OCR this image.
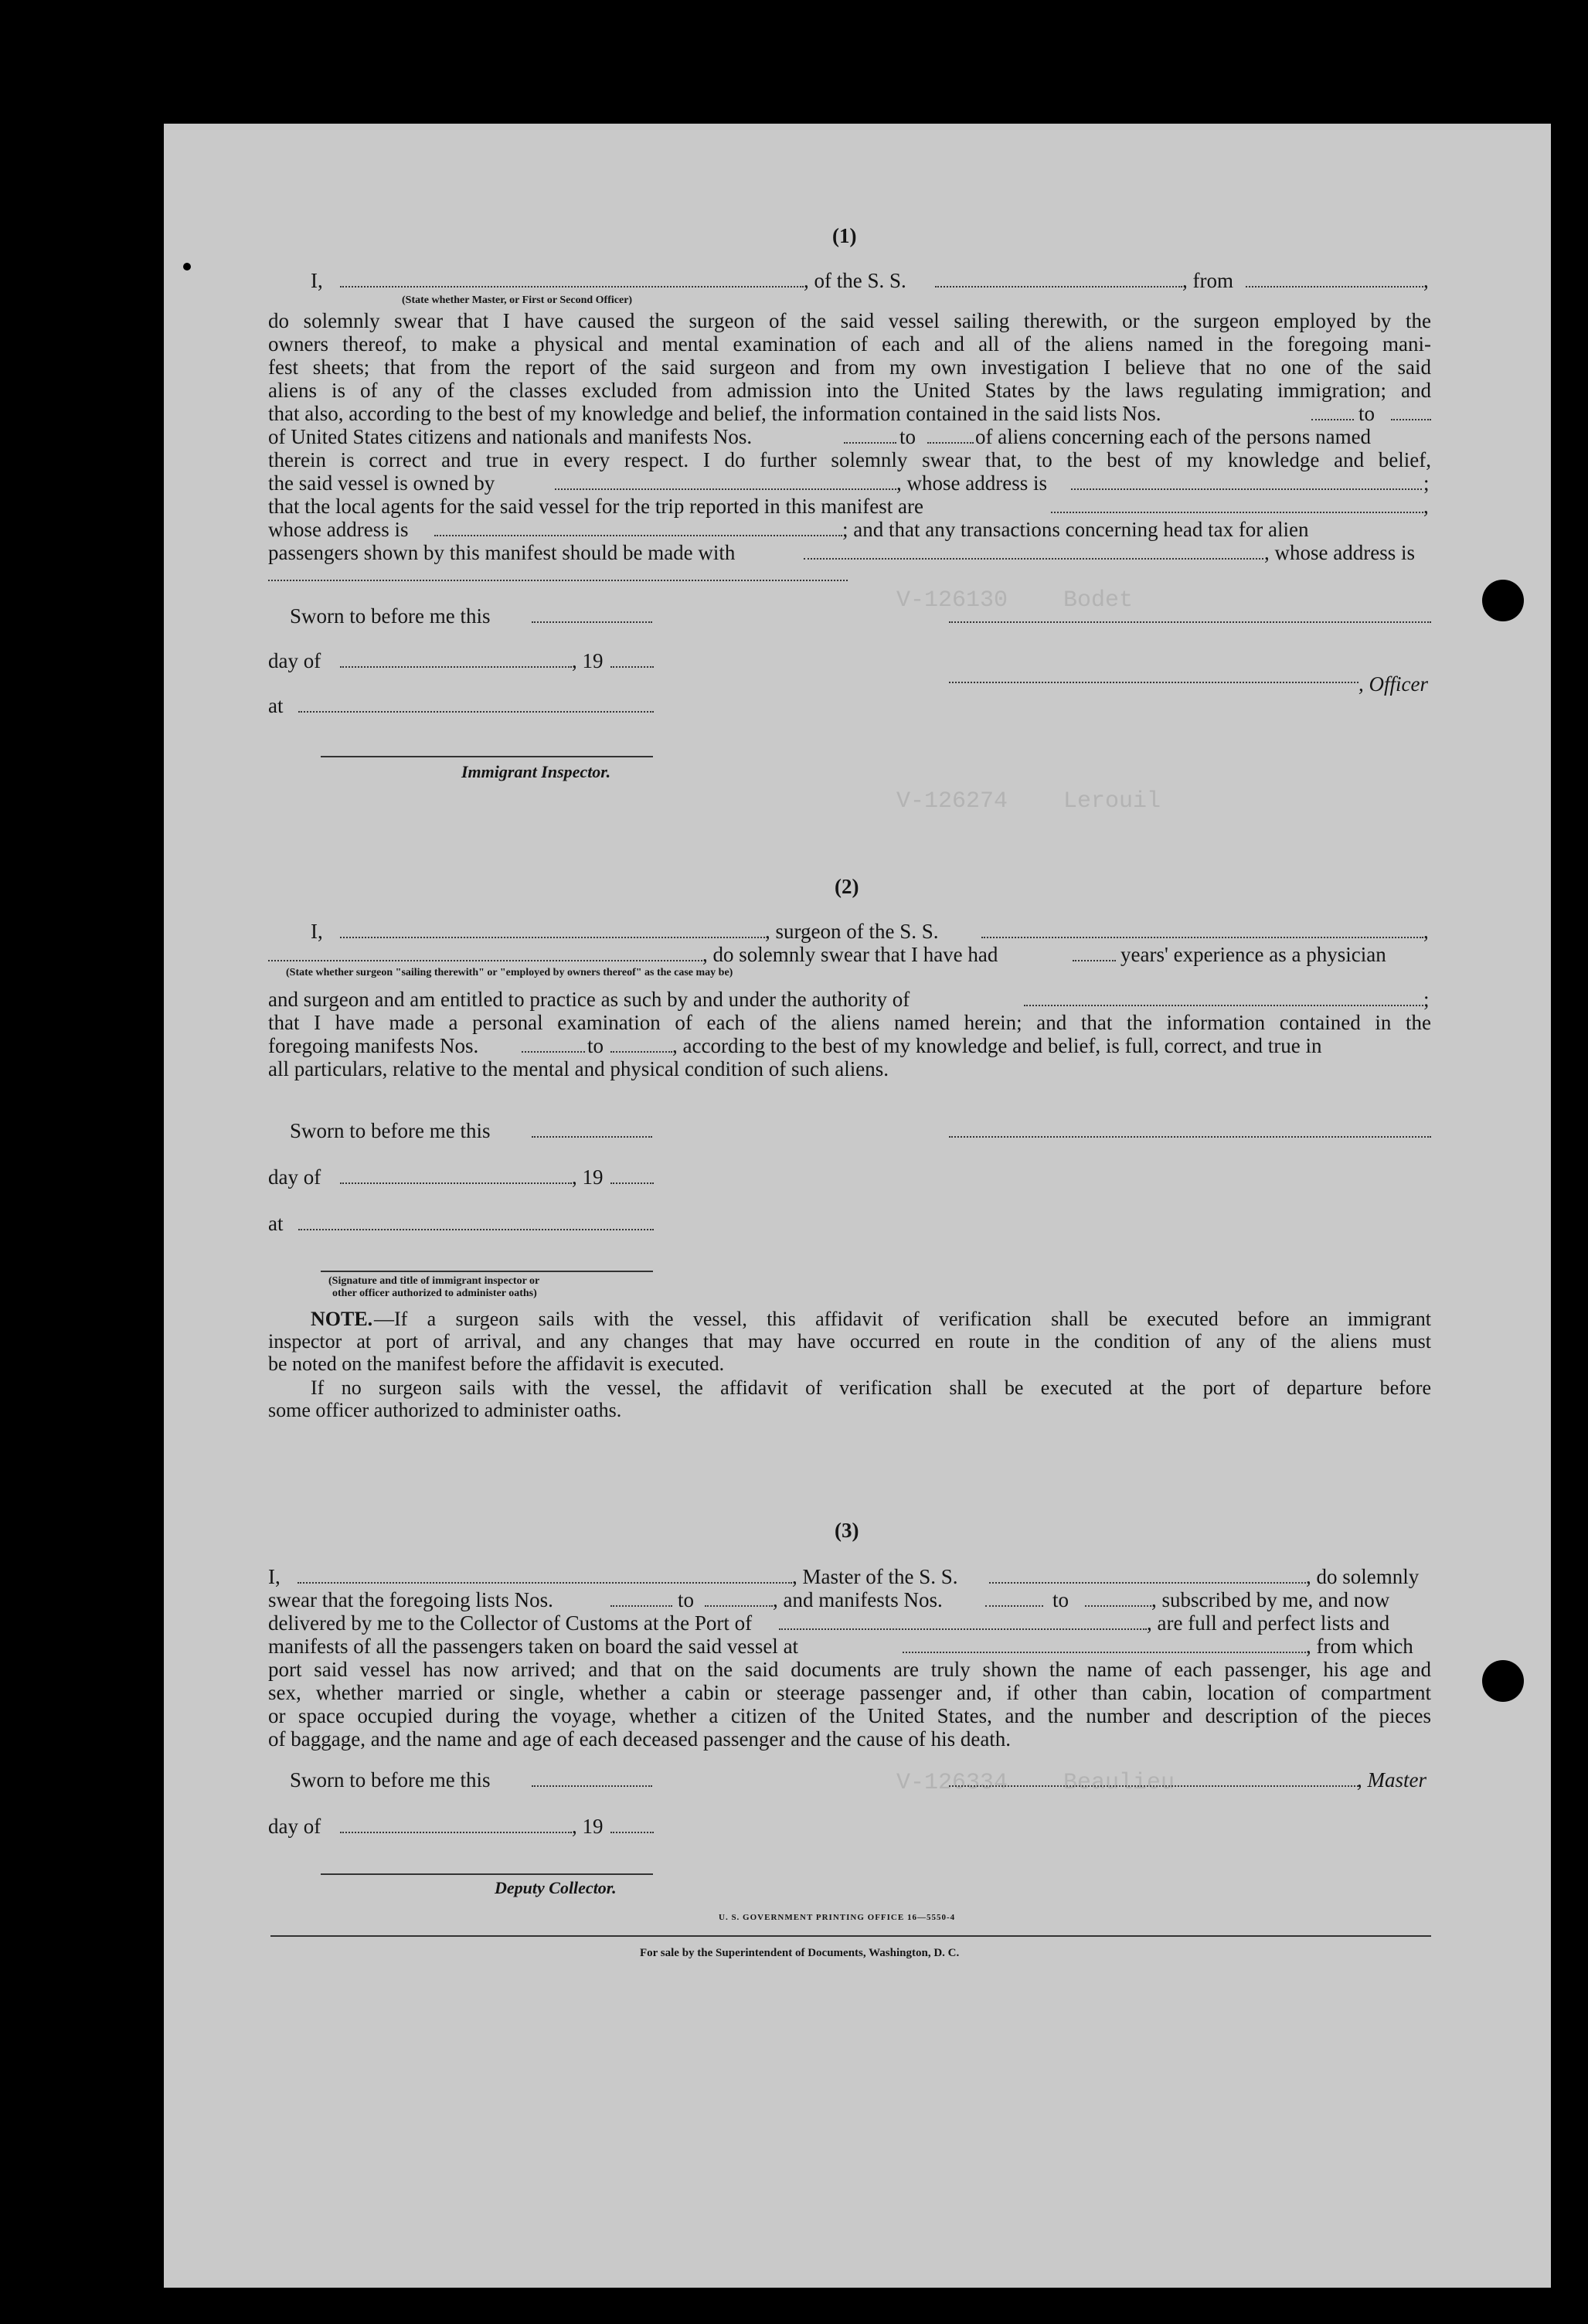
V-126130    Bodet
V-126274    Lerouil
V-126334    Beaulieu
(1)
I,	, of the S. S.	, from	,
(State whether Master, or First or Second Officer)
do solemnly swear that I have caused the surgeon of the said vessel sailing therewith, or the surgeon employed by the
owners thereof, to make a physical and mental examination of each and all of the aliens named in the foregoing mani-
fest sheets; that from the report of the said surgeon and from my own investigation I believe that no one of the said
aliens is of any of the classes excluded from admission into the United States by the laws regulating immigration; and
that also, according to the best of my knowledge and belief, the information contained in the said lists Nos.	to
of United States citizens and nationals and manifests Nos.	to	of aliens concerning each of the persons named
therein is correct and true in every respect. I do further solemnly swear that, to the best of my knowledge and belief,
the said vessel is owned by	, whose address is	;
that the local agents for the said vessel for the trip reported in this manifest are	,
whose address is	; and that any transactions concerning head tax for alien
passengers shown by this manifest should be made with	, whose address is
Sworn to before me this
day of	, 19
, Officer
at
Immigrant Inspector.
(2)
I,	, surgeon of the S. S.	,
, do solemnly swear that I have had	years' experience as a physician
(State whether surgeon "sailing therewith" or "employed by owners thereof" as the case may be)
and surgeon and am entitled to practice as such by and under the authority of	;
that I have made a personal examination of each of the aliens named herein; and that the information contained in the
foregoing manifests Nos.	to	, according to the best of my knowledge and belief, is full, correct, and true in
all particulars, relative to the mental and physical condition of such aliens.
Sworn to before me this
day of	, 19
at
(Signature and title of immigrant inspector or
other officer authorized to administer oaths)
NOTE. —If a surgeon sails with the vessel, this affidavit of verification shall be executed before an immigrant
inspector at port of arrival, and any changes that may have occurred en route in the condition of any of the aliens must
be noted on the manifest before the affidavit is executed.
If no surgeon sails with the vessel, the affidavit of verification shall be executed at the port of departure before
some officer authorized to administer oaths.
(3)
I,	, Master of the S. S.	, do solemnly
swear that the foregoing lists Nos.	to	, and manifests Nos.	to	, subscribed by me, and now
delivered by me to the Collector of Customs at the Port of	, are full and perfect lists and
manifests of all the passengers taken on board the said vessel at	, from which
port said vessel has now arrived; and that on the said documents are truly shown the name of each passenger, his age and
sex, whether married or single, whether a cabin or steerage passenger and, if other than cabin, location of compartment
or space occupied during the voyage, whether a citizen of the United States, and the number and description of the pieces
of baggage, and the name and age of each deceased passenger and the cause of his death.
Sworn to before me this	, Master
day of	, 19
Deputy Collector.
U. S. GOVERNMENT PRINTING OFFICE 16—5550-4
For sale by the Superintendent of Documents, Washington, D. C.
